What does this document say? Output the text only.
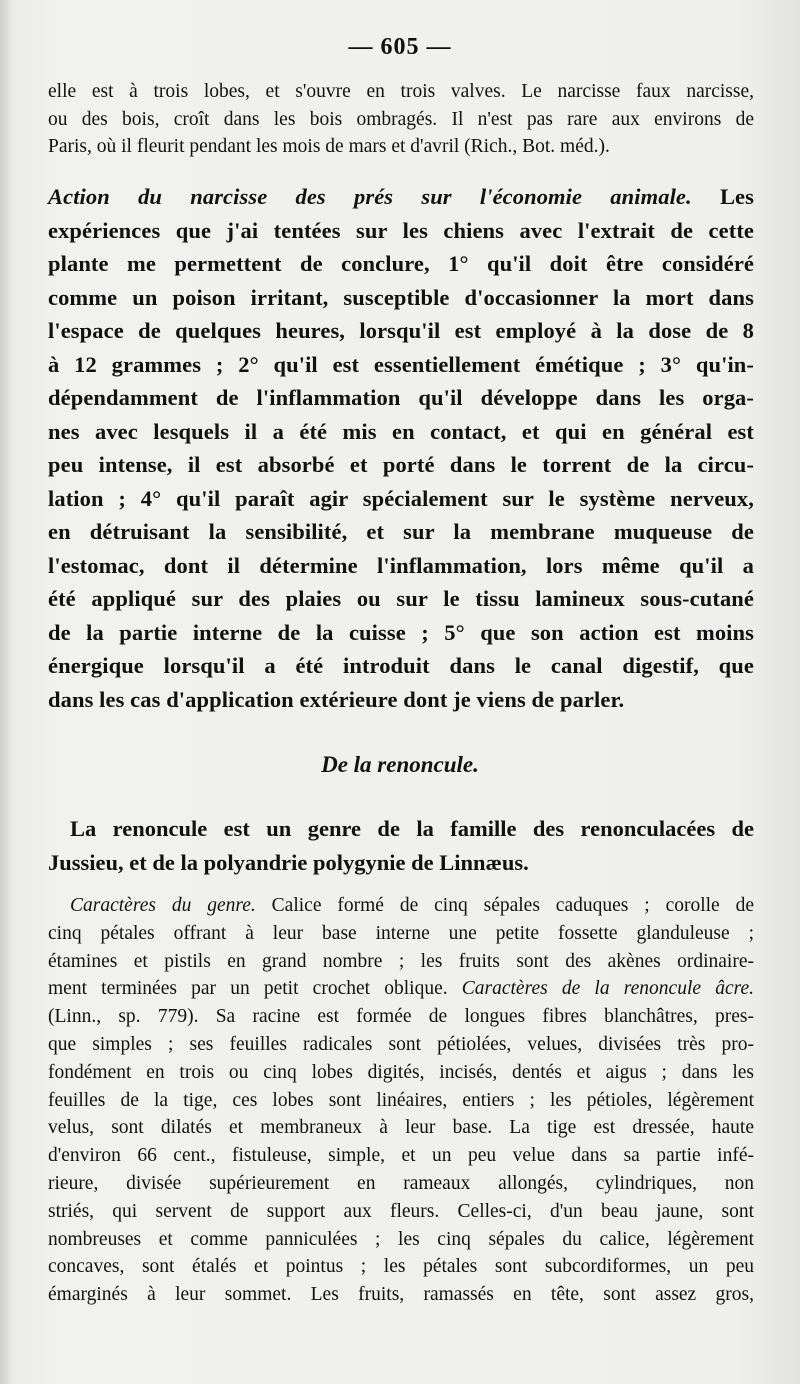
— 605 —
elle est à trois lobes, et s'ouvre en trois valves. Le narcisse faux narcisse,
ou des bois, croît dans les bois ombragés. Il n'est pas rare aux environs de
Paris, où il fleurit pendant les mois de mars et d'avril (Rich., Bot. méd.).
Action du narcisse des prés sur l'économie animale. Les
expériences que j'ai tentées sur les chiens avec l'extrait de cette
plante me permettent de conclure, 1° qu'il doit être considéré
comme un poison irritant, susceptible d'occasionner la mort dans
l'espace de quelques heures, lorsqu'il est employé à la dose de 8
à 12 grammes ; 2° qu'il est essentiellement émétique ; 3° qu'in-
dépendamment de l'inflammation qu'il développe dans les orga-
nes avec lesquels il a été mis en contact, et qui en général est
peu intense, il est absorbé et porté dans le torrent de la circu-
lation ; 4° qu'il paraît agir spécialement sur le système nerveux,
en détruisant la sensibilité, et sur la membrane muqueuse de
l'estomac, dont il détermine l'inflammation, lors même qu'il a
été appliqué sur des plaies ou sur le tissu lamineux sous-cutané
de la partie interne de la cuisse ; 5° que son action est moins
énergique lorsqu'il a été introduit dans le canal digestif, que
dans les cas d'application extérieure dont je viens de parler.
De la renoncule.
La renoncule est un genre de la famille des renonculacées de
Jussieu, et de la polyandrie polygynie de Linnæus.
Caractères du genre. Calice formé de cinq sépales caduques ; corolle de
cinq pétales offrant à leur base interne une petite fossette glanduleuse ;
étamines et pistils en grand nombre ; les fruits sont des akènes ordinaire-
ment terminées par un petit crochet oblique. Caractères de la renoncule âcre.
(Linn., sp. 779). Sa racine est formée de longues fibres blanchâtres, pres-
que simples ; ses feuilles radicales sont pétiolées, velues, divisées très pro-
fondément en trois ou cinq lobes digités, incisés, dentés et aigus ; dans les
feuilles de la tige, ces lobes sont linéaires, entiers ; les pétioles, légèrement
velus, sont dilatés et membraneux à leur base. La tige est dressée, haute
d'environ 66 cent., fistuleuse, simple, et un peu velue dans sa partie infé-
rieure, divisée supérieurement en rameaux allongés, cylindriques, non
striés, qui servent de support aux fleurs. Celles-ci, d'un beau jaune, sont
nombreuses et comme panniculées ; les cinq sépales du calice, légèrement
concaves, sont étalés et pointus ; les pétales sont subcordiformes, un peu
émarginés à leur sommet. Les fruits, ramassés en tête, sont assez gros,
